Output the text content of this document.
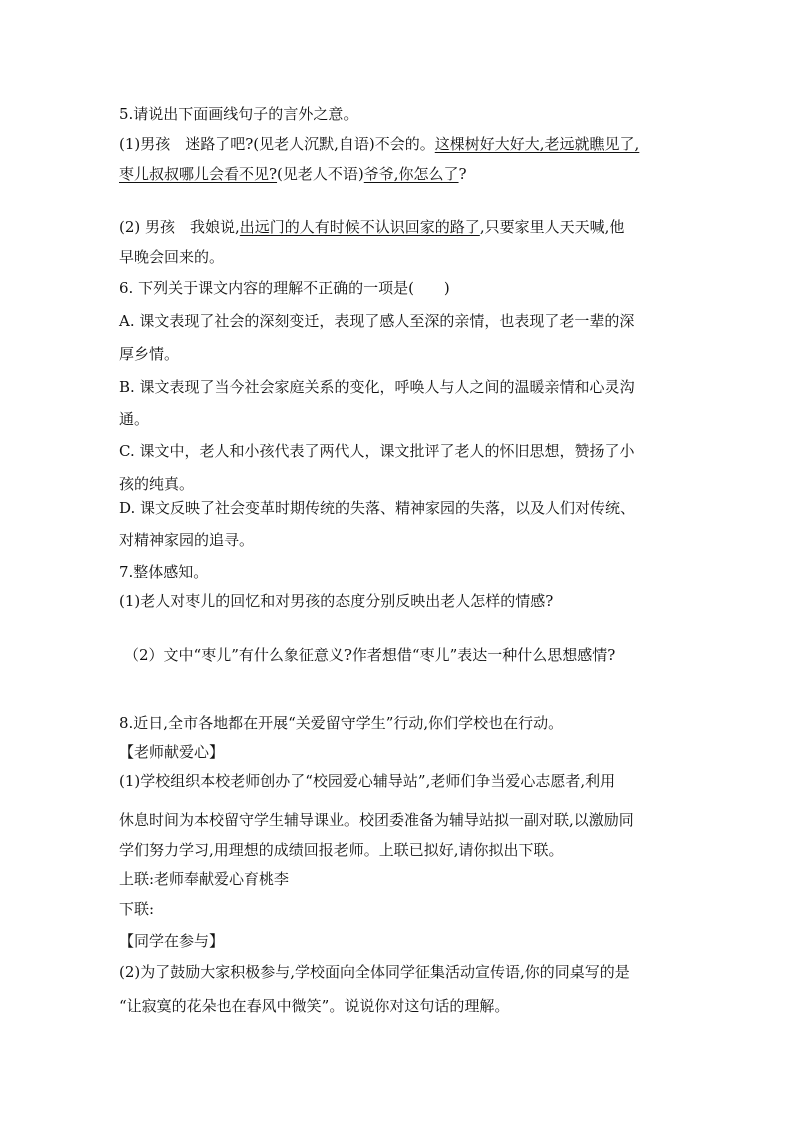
5.请说出下面画线句子的言外之意。
(1)男孩　迷路了吧?(见老人沉默,自语)不会的。这棵树好大好大,老远就瞧见了,
枣儿叔叔哪儿会看不见?(见老人不语)爷爷,你怎么了?
(2) 男孩　我娘说,出远门的人有时候不认识回家的路了,只要家里人天天喊,他
早晚会回来的。
6. 下列关于课文内容的理解不正确的一项是(　　)
A. 课文表现了社会的深刻变迁，表现了感人至深的亲情，也表现了老一辈的深
厚乡情。
B. 课文表现了当今社会家庭关系的变化，呼唤人与人之间的温暖亲情和心灵沟
通。
C. 课文中，老人和小孩代表了两代人，课文批评了老人的怀旧思想，赞扬了小
孩的纯真。
D. 课文反映了社会变革时期传统的失落、精神家园的失落，以及人们对传统、
对精神家园的追寻。
7.整体感知。
(1)老人对枣儿的回忆和对男孩的态度分别反映出老人怎样的情感?
（2）文中“枣儿”有什么象征意义?作者想借“枣儿”表达一种什么思想感情?
8.近日,全市各地都在开展“关爱留守学生”行动,你们学校也在行动。
【老师献爱心】
(1)学校组织本校老师创办了“校园爱心辅导站”,老师们争当爱心志愿者,利用
休息时间为本校留守学生辅导课业。校团委准备为辅导站拟一副对联,以激励同
学们努力学习,用理想的成绩回报老师。上联已拟好,请你拟出下联。
上联:老师奉献爱心育桃李
下联:
【同学在参与】
(2)为了鼓励大家积极参与,学校面向全体同学征集活动宣传语,你的同桌写的是
“让寂寞的花朵也在春风中微笑”。说说你对这句话的理解。
